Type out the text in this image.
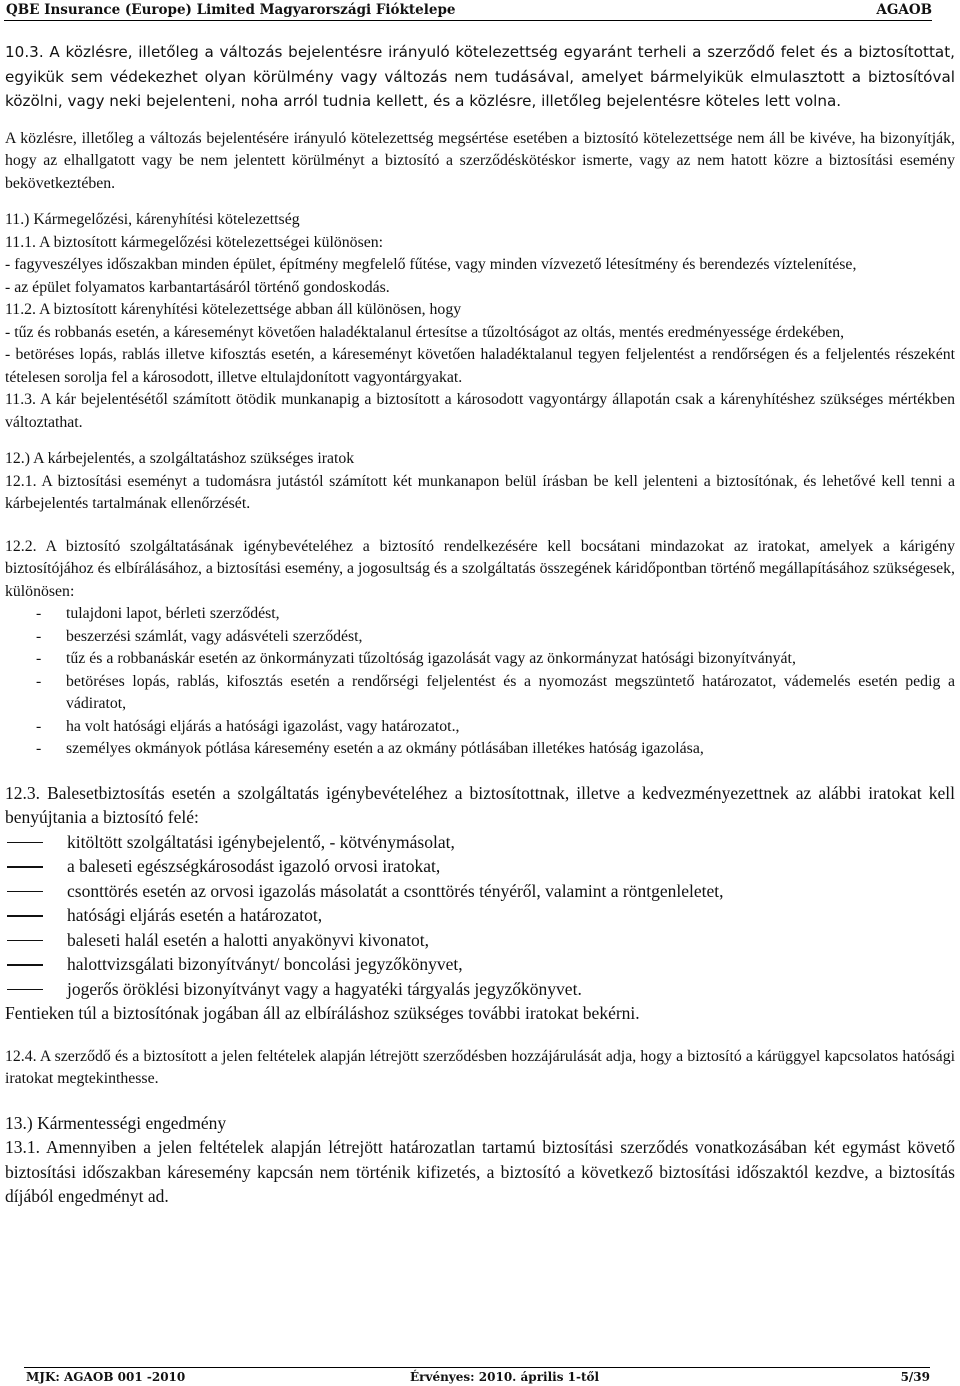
QBE Insurance (Europe) Limited Magyarországi Fióktelepe	AGAOB

10.3. A közlésre, illetőleg a változás bejelentésre irányuló kötelezettség egyaránt terheli a szerződő felet és a biztosítottat, egyikük sem védekezhet olyan körülmény vagy változás nem tudásával, amelyet bármelyikük elmulasztott a biztosítóval közölni, vagy neki bejelenteni, noha arról tudnia kellett, és a közlésre, illetőleg bejelentésre köteles lett volna.

A közlésre, illetőleg a változás bejelentésére irányuló kötelezettség megsértése esetében a biztosító kötelezettsége nem áll be kivéve, ha bizonyítják, hogy az elhallgatott vagy be nem jelentett körülményt a biztosító a szerződéskötéskor ismerte, vagy az nem hatott közre a biztosítási esemény bekövetkeztében.

11.) Kármegelőzési, kárenyhítési kötelezettség

11.1. A biztosított kármegelőzési kötelezettségei különösen:

- fagyveszélyes időszakban minden épület, építmény megfelelő fűtése, vagy minden vízvezető létesítmény és berendezés víztelenítése,

- az épület folyamatos karbantartásáról történő gondoskodás.

11.2. A biztosított kárenyhítési kötelezettsége abban áll különösen, hogy

- tűz és robbanás esetén, a káreseményt követően haladéktalanul értesítse a tűzoltóságot az oltás, mentés eredményessége érdekében,

- betöréses lopás, rablás illetve kifosztás esetén, a káreseményt követően haladéktalanul tegyen feljelentést a rendőrségen és a feljelentés részeként tételesen sorolja fel a károsodott, illetve eltulajdonított vagyontárgyakat.

11.3. A kár bejelentésétől számított ötödik munkanapig a biztosított a károsodott vagyontárgy állapotán csak a kárenyhítéshez szükséges mértékben változtathat.

12.) A kárbejelentés, a szolgáltatáshoz szükséges iratok

12.1. A biztosítási eseményt a tudomásra jutástól számított két munkanapon belül írásban be kell jelenteni a biztosítónak, és lehetővé kell tenni a kárbejelentés tartalmának ellenőrzését.

12.2. A biztosító szolgáltatásának igénybevételéhez a biztosító rendelkezésére kell bocsátani mindazokat az iratokat, amelyek a kárigény biztosítójához és elbírálásához, a biztosítási esemény, a jogosultság és a szolgáltatás összegének káridőpontban történő megállapításához szükségesek, különösen:

- tulajdoni lapot, bérleti szerződést,
- beszerzési számlát, vagy adásvételi szerződést,
- tűz és a robbanáskár esetén az önkormányzati tűzoltóság igazolását vagy az önkormányzat hatósági bizonyítványát,
- betöréses lopás, rablás, kifosztás esetén a rendőrségi feljelentést és a nyomozást megszüntető határozatot, vádemelés esetén pedig a vádiratot,
- ha volt hatósági eljárás a hatósági igazolást, vagy határozatot.,
- személyes okmányok pótlása káresemény esetén a az okmány pótlásában illetékes hatóság igazolása,

12.3. Balesetbiztosítás esetén a szolgáltatás igénybevételéhez a biztosítottnak, illetve a kedvezményezettnek az alábbi iratokat kell benyújtania a biztosító felé:

kitöltött szolgáltatási igénybejelentő, - kötvénymásolat,
a baleseti egészségkárosodást igazoló orvosi iratokat,
csonttörés esetén az orvosi igazolás másolatát a csonttörés tényéről, valamint a röntgenleletet,
hatósági eljárás esetén a határozatot,
baleseti halál esetén a halotti anyakönyvi kivonatot,
halottvizsgálati bizonyítványt/ boncolási jegyzőkönyvet,
jogerős öröklési bizonyítványt vagy a hagyatéki tárgyalás jegyzőkönyvet.

Fentieken túl a biztosítónak jogában áll az elbíráláshoz szükséges további iratokat bekérni.

12.4. A szerződő és a biztosított a jelen feltételek alapján létrejött szerződésben hozzájárulását adja, hogy a biztosító a kárüggyel kapcsolatos hatósági iratokat megtekinthesse.

13.) Kármentességi engedmény

13.1. Amennyiben a jelen feltételek alapján létrejött határozatlan tartamú biztosítási szerződés vonatkozásában két egymást követő biztosítási időszakban káresemény kapcsán nem történik kifizetés, a biztosító a következő biztosítási időszaktól kezdve, a biztosítás díjából engedményt ad.

MJK: AGAOB 001 -2010	Érvényes: 2010. április 1-től	5/39
